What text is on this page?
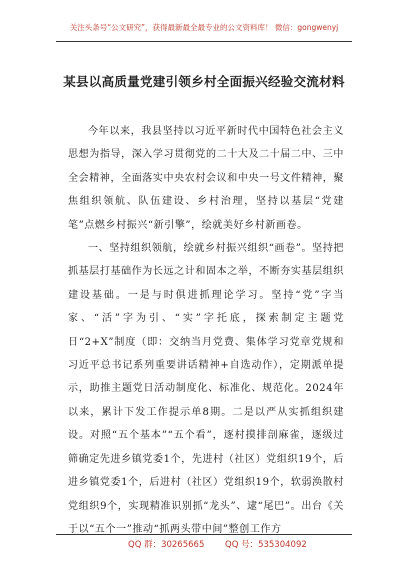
关注头条号“公文研究”，获得最新最全最专业的公文资料库！ 微信：gongwenyj
某县以高质量党建引领乡村全面振兴经验交流材料

今年以来，我县坚持以习近平新时代中国特色社会主义思想为指导，深入学习贯彻党的二十大及二十届二中、三中全会精神，全面落实中央农村会议和中央一号文件精神，聚焦组织领航、队伍建设、乡村治理，坚持以基层“党建笔”点燃乡村振兴“新引擎”，绘就美好乡村新画卷。

一、坚持组织领航，绘就乡村振兴组织“画卷”。坚持把抓基层打基础作为长远之计和固本之举，不断夯实基层组织建设基础。一是与时俱进抓理论学习。坚持“党”字当家、“活”字为引、“实”字托底，探索制定主题党日“2+X”制度（即：交纳当月党费、集体学习党章党规和习近平总书记系列重要讲话精神+自选动作），定期派单提示，助推主题党日活动制度化、标准化、规范化。2024年以来，累计下发工作提示单8期。二是以严从实抓组织建设。对照“五个基本”“五个看”，逐村摸排剖麻雀，逐级过筛确定先进乡镇党委1个，先进村（社区）党组织19个，后进乡镇党委1个，后进村（社区）党组织19个，软弱涣散村党组织9个，实现精准识别抓“龙头”、逮“尾巴”。出台《关于以“五个一”推动“抓两头带中间”整创工作方

QQ 群：30265665 QQ 号：535304092
